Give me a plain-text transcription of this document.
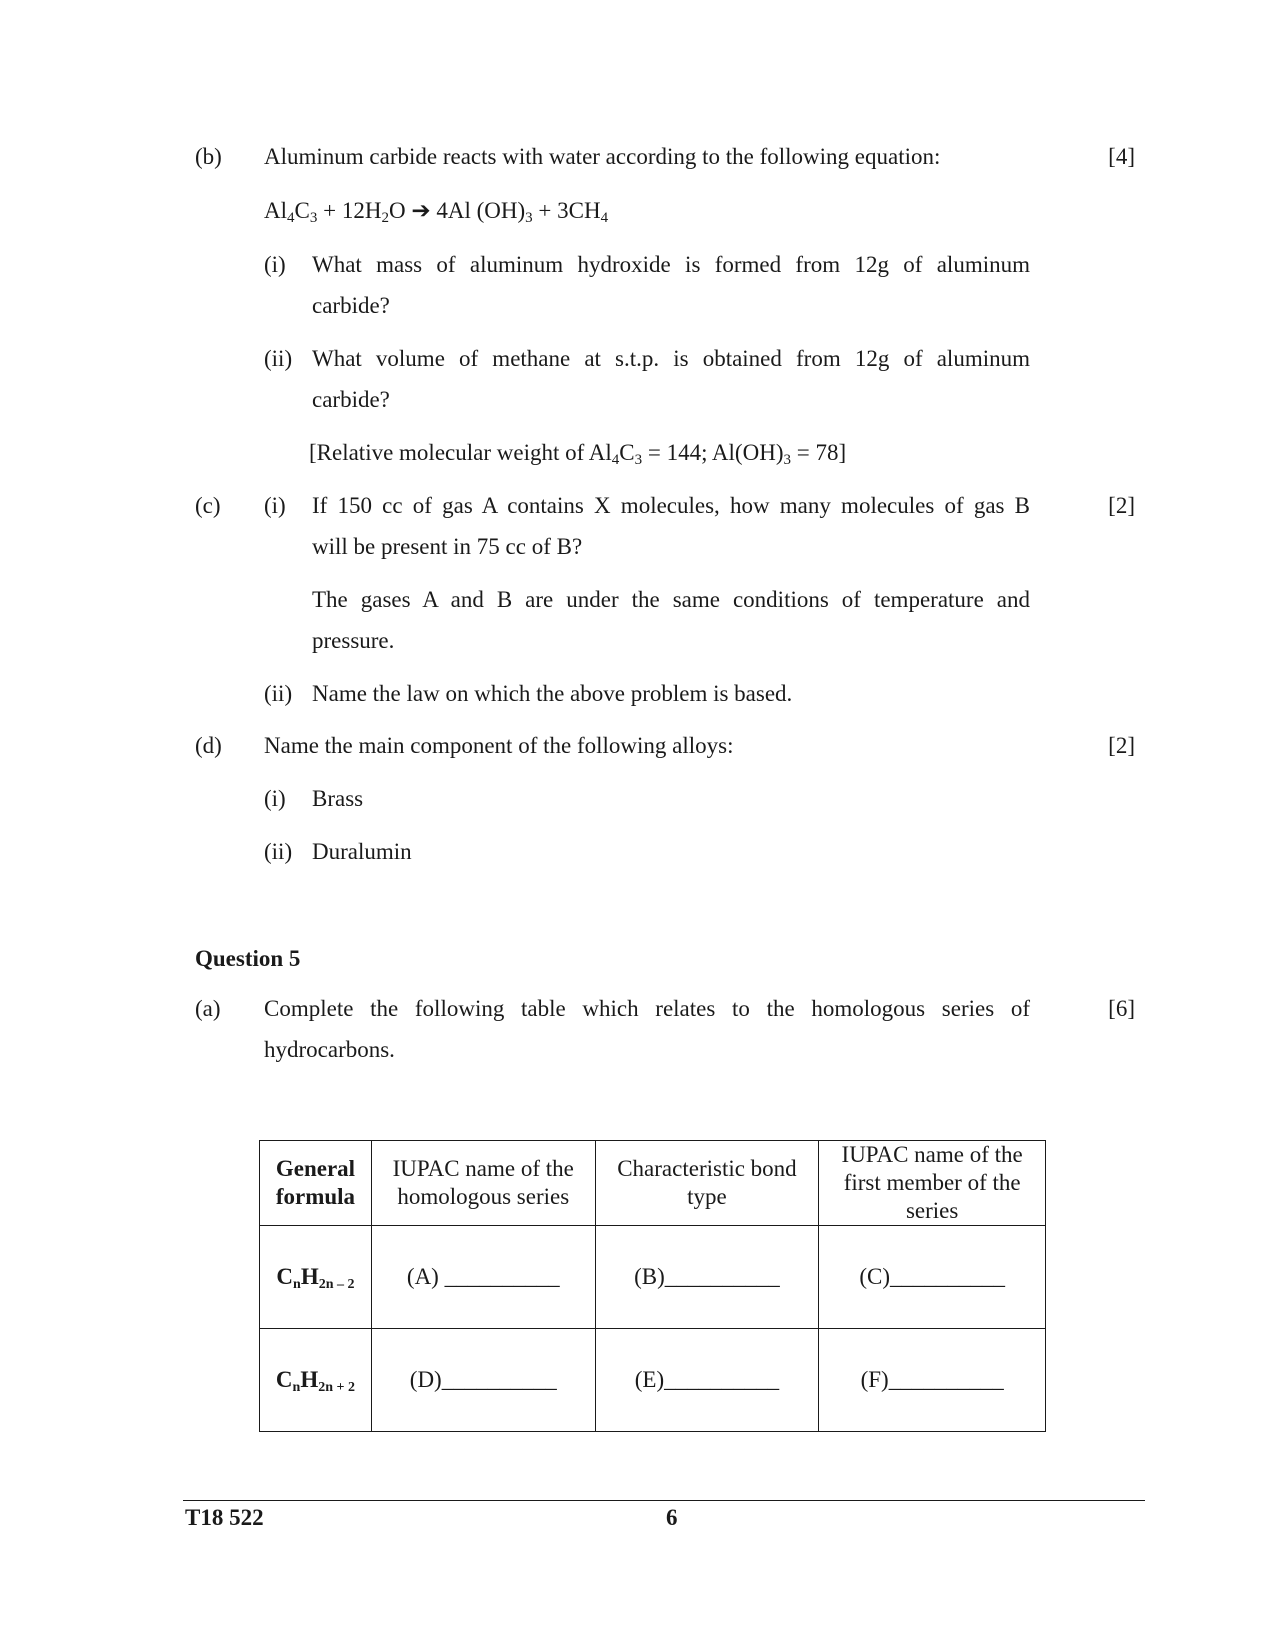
(b) Aluminum carbide reacts with water according to the following equation:	[4]
$Al_4C_3 + 12H_2O$ ➔ 4Al $(OH)_3 + 3CH_4$
(i) What mass of aluminum hydroxide is formed from 12g of aluminum
carbide?
(ii) What volume of methane at s.t.p. is obtained from 12g of aluminum
carbide?
[Relative molecular weight of $Al_4C_3 = 144$; $Al(OH)_3 = 78$]
(c) (i) If 150 cc of gas A contains X molecules, how many molecules of gas B	[2]
will be present in 75 cc of B?
The gases A and B are under the same conditions of temperature and
pressure.
(ii) Name the law on which the above problem is based.
(d) Name the main component of the following alloys:	[2]
(i) Brass
(ii) Duralumin
Question 5
(a) Complete the following table which relates to the homologous series of	[6]
hydrocarbons.
General formula	IUPAC name of the homologous series	Characteristic bond type	IUPAC name of the first member of the series
$C_nH_{2n - 2}$	(A) __________	(B)__________	(C)__________
$C_nH_{2n + 2}$	(D)__________	(E)__________	(F)__________
T18 522	6
